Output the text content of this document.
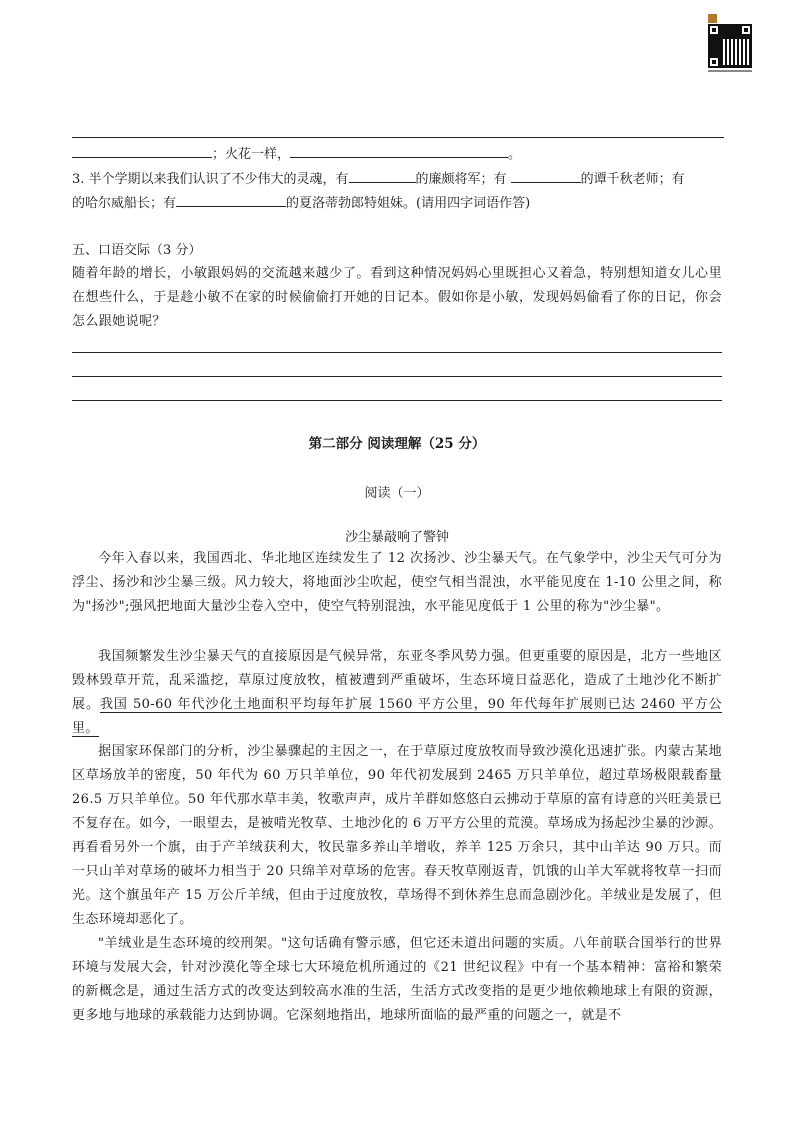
；火花一样，	。
3. 半个学期以来我们认识了不少伟大的灵魂，有	的廉颇将军；有	的谭千秋老师；有
的哈尔威船长；有	的夏洛蒂勃郎特姐妹。(请用四字词语作答)
五、口语交际（3 分）
随着年龄的增长，小敏跟妈妈的交流越来越少了。看到这种情况妈妈心里既担心又着急，特别想知道女儿心里在想些什么，于是趁小敏不在家的时候偷偷打开她的日记本。假如你是小敏，发现妈妈偷看了你的日记，你会怎么跟她说呢？
第二部分 阅读理解（25 分）
阅读（一）
沙尘暴敲响了警钟
今年入春以来，我国西北、华北地区连续发生了 12 次扬沙、沙尘暴天气。在气象学中，沙尘天气可分为浮尘、扬沙和沙尘暴三级。风力较大，将地面沙尘吹起，使空气相当混浊，水平能见度在 1-10 公里之间，称为"扬沙";强风把地面大量沙尘卷入空中，使空气特别混浊，水平能见度低于 1 公里的称为"沙尘暴"。
我国频繁发生沙尘暴天气的直接原因是气候异常，东亚冬季风势力强。但更重要的原因是，北方一些地区毁林毁草开荒，乱采滥挖，草原过度放牧，植被遭到严重破坏，生态环境日益恶化，造成了土地沙化不断扩展。我国 50-60 年代沙化土地面积平均每年扩展 1560 平方公里，90 年代每年扩展则已达 2460 平方公里。
据国家环保部门的分析，沙尘暴骤起的主因之一，在于草原过度放牧而导致沙漠化迅速扩张。内蒙古某地区草场放羊的密度，50 年代为 60 万只羊单位，90 年代初发展到 2465 万只羊单位，超过草场极限载畜量 26.5 万只羊单位。50 年代那水草丰美，牧歌声声，成片羊群如悠悠白云拂动于草原的富有诗意的兴旺美景已不复存在。如今，一眼望去，是被啃光牧草、土地沙化的 6 万平方公里的荒漠。草场成为扬起沙尘暴的沙源。再看看另外一个旗，由于产羊绒获利大，牧民靠多养山羊增收，养羊 125 万余只，其中山羊达 90 万只。而一只山羊对草场的破坏力相当于 20 只绵羊对草场的危害。春天牧草刚返青，饥饿的山羊大军就将牧草一扫而光。这个旗虽年产 15 万公斤羊绒，但由于过度放牧，草场得不到休养生息而急剧沙化。羊绒业是发展了，但生态环境却恶化了。
"羊绒业是生态环境的绞刑架。"这句话确有警示感，但它还未道出问题的实质。八年前联合国举行的世界环境与发展大会，针对沙漠化等全球七大环境危机所通过的《21 世纪议程》中有一个基本精神：富裕和繁荣的新概念是，通过生活方式的改变达到较高水准的生活，生活方式改变指的是更少地依赖地球上有限的资源，更多地与地球的承载能力达到协调。它深刻地指出，地球所面临的最严重的问题之一，就是不
